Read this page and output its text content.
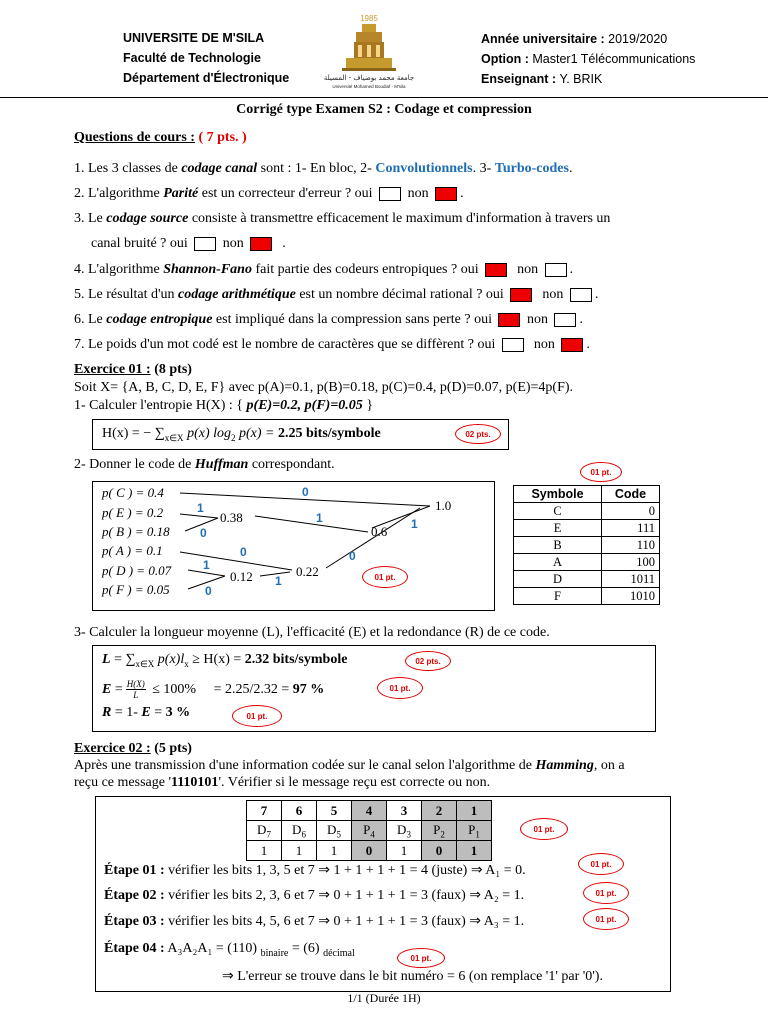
UNIVERSITE DE M'SILA
Faculté de Technologie
Département d'Électronique
1985
جامعة محمد بوضياف - المسيلة
Université Mohamed Boudiaf - M'sila
Année universitaire : 2019/2020
Option : Master1 Télécommunications
Enseignant : Y. BRIK
Corrigé type Examen S2 : Codage et compression
Questions de cours : ( 7 pts. )
1. Les 3 classes de codage canal sont : 1- En bloc, 2- Convolutionnels. 3- Turbo-codes.
2. L'algorithme Parité est un correcteur d'erreur ? oui	non .
3. Le codage source consiste à transmettre efficacement le maximum d'information à travers un
canal bruité ? oui	non	.
4. L'algorithme Shannon-Fano fait partie des codeurs entropiques ? oui	non .
5. Le résultat d'un codage arithmétique est un nombre décimal rational ? oui	non .
6. Le codage entropique est impliqué dans la compression sans perte ? oui	non .
7. Le poids d'un mot codé est le nombre de caractères que se diffèrent ? oui	non .
Exercice 01 : (8 pts)
Soit X= {A, B, C, D, E, F} avec p(A)=0.1, p(B)=0.18, p(C)=0.4, p(D)=0.07, p(E)=4p(F).
1- Calculer l'entropie H(X) : { p(E)=0.2, p(F)=0.05 }
H(x) = − $\sum_{x\in X}$ p(x) $\log_2 p(x) = 2.25$ bits/symbole	02 pts.
2- Donner le code de Huffman correspondant.
p( C ) = 0.4
p( E ) = 0.2
p( B ) = 0.18
p( A ) = 0.1
p( D ) = 0.07
p( F ) = 0.05
0.38
0.6
1.0
0.12	0.22
0
1
0
1	1
0
0
1
0
1	01 pt.
01 pt.
Symbole	Code
C	0
E	111
B	110
A	100
D	1011
F	1010
3- Calculer la longueur moyenne (L), l'efficacité (E) et la redondance (R) de ce code.
$L = \sum_{x\in X}$ $p(x)l_x \ge H(x) = 2.32$ bits/symbole	02 pts.
$E = \frac{H(X)}{L} \le 100\%$     = 2.25/2.32 = 97 %	01 pt.
R = 1- E = 3 %	01 pt.
Exercice 02 : (5 pts)
Après une transmission d'une information codée sur le canal selon l'algorithme de Hamming, on a
reçu ce message '1110101'. Vérifier si le message reçu est correcte ou non.
7	6	5	4	3	2	1
$D_7$	$D_6$	$D_5$	$P_4$	$D_3$	$P_2$	$P_1$
1	1	1	0	1	0	1
01 pt.
Étape 01 : vérifier les bits 1, 3, 5 et 7 ⇒ 1 + 1 + 1 + 1 = 4 (juste) ⇒ A₁ = 0.	01 pt.
Étape 02 : vérifier les bits 2, 3, 6 et 7 ⇒ 0 + 1 + 1 + 1 = 3 (faux) ⇒ A₂ = 1.	01 pt.
Étape 03 : vérifier les bits 4, 5, 6 et 7 ⇒ 0 + 1 + 1 + 1 = 3 (faux) ⇒ A₃ = 1.	01 pt.
Étape 04 : A₃A₂A₁ = (110) $_{binaire}$ = (6) $_{décimal}$	01 pt.
⇒ L'erreur se trouve dans le bit numéro = 6 (on remplace '1' par '0').
1/1 (Durée 1H)
